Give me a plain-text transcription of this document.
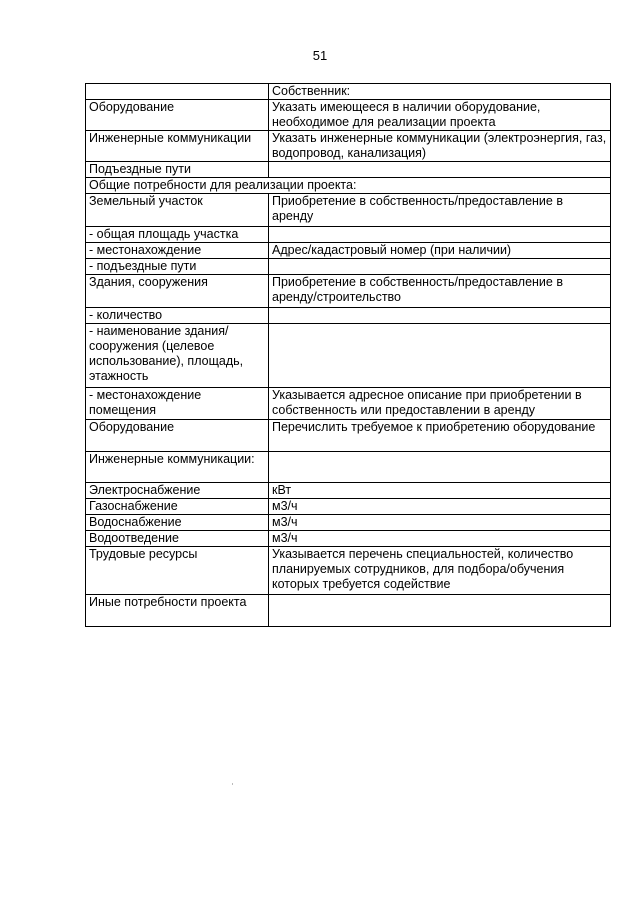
51
	Собственник:
Оборудование	Указать имеющееся в наличии оборудование, необходимое для реализации проекта
Инженерные коммуникации	Указать инженерные коммуникации (электроэнергия, газ, водопровод, канализация)
Подъездные пути	
Общие потребности для реализации проекта:	
Земельный участок	Приобретение в собственность/предоставление в аренду
- общая площадь участка	
- местонахождение	Адрес/кадастровый номер (при наличии)
- подъездные пути	
Здания, сооружения	Приобретение в собственность/предоставление в аренду/строительство
- количество	
- наименование здания/сооружения (целевое использование), площадь, этажность	
- местонахождение помещения	Указывается адресное описание при приобретении в собственность или предоставлении в аренду
Оборудование	Перечислить требуемое к приобретению оборудование
Инженерные коммуникации:	
Электроснабжение	кВт
Газоснабжение	м3/ч
Водоснабжение	м3/ч
Водоотведение	м3/ч
Трудовые ресурсы	Указывается перечень специальностей, количество планируемых сотрудников, для подбора/обучения которых требуется содействие
Иные потребности проекта	
